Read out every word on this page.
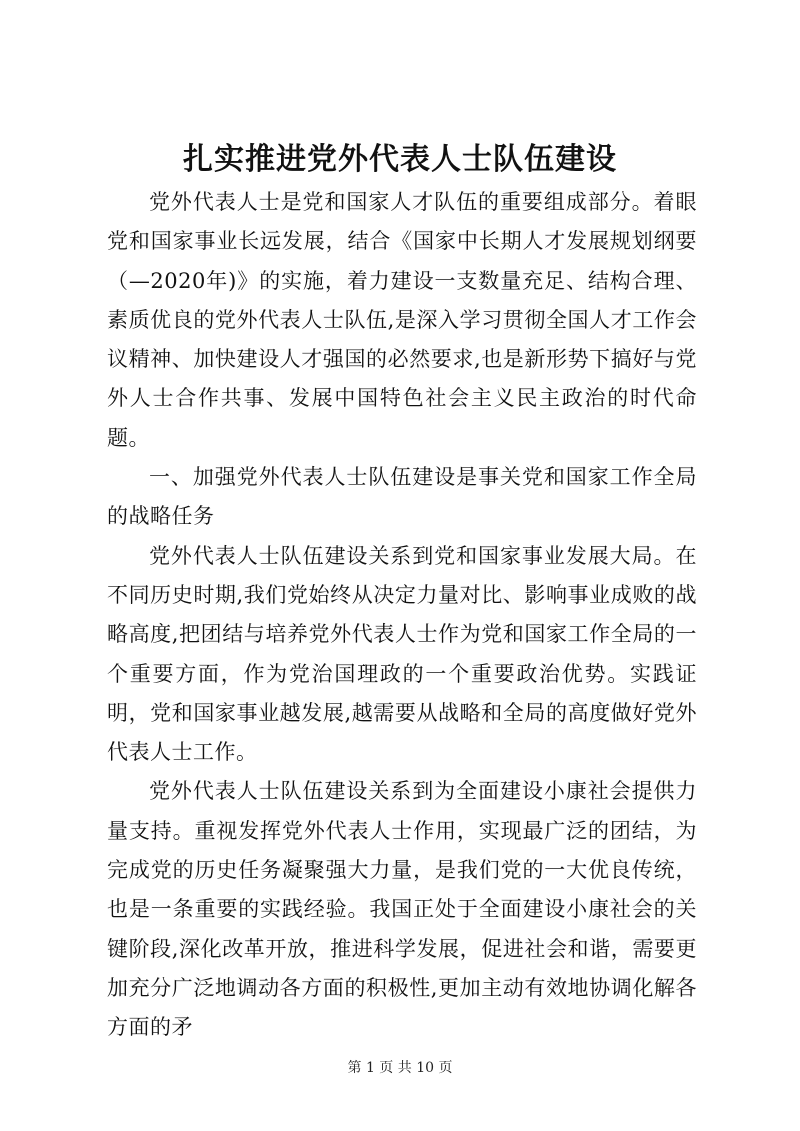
扎实推进党外代表人士队伍建设

党外代表人士是党和国家人才队伍的重要组成部分。着眼党和国家事业长远发展，结合《国家中长期人才发展规划纲要（—2020年)》的实施，着力建设一支数量充足、结构合理、素质优良的党外代表人士队伍,是深入学习贯彻全国人才工作会议精神、加快建设人才强国的必然要求,也是新形势下搞好与党外人士合作共事、发展中国特色社会主义民主政治的时代命题。

一、加强党外代表人士队伍建设是事关党和国家工作全局的战略任务

党外代表人士队伍建设关系到党和国家事业发展大局。在不同历史时期,我们党始终从决定力量对比、影响事业成败的战略高度,把团结与培养党外代表人士作为党和国家工作全局的一个重要方面，作为党治国理政的一个重要政治优势。实践证明，党和国家事业越发展,越需要从战略和全局的高度做好党外代表人士工作。

党外代表人士队伍建设关系到为全面建设小康社会提供力量支持。重视发挥党外代表人士作用，实现最广泛的团结，为完成党的历史任务凝聚强大力量，是我们党的一大优良传统，也是一条重要的实践经验。我国正处于全面建设小康社会的关键阶段,深化改革开放，推进科学发展，促进社会和谐，需要更加充分广泛地调动各方面的积极性,更加主动有效地协调化解各方面的矛

第 1 页 共 10 页
